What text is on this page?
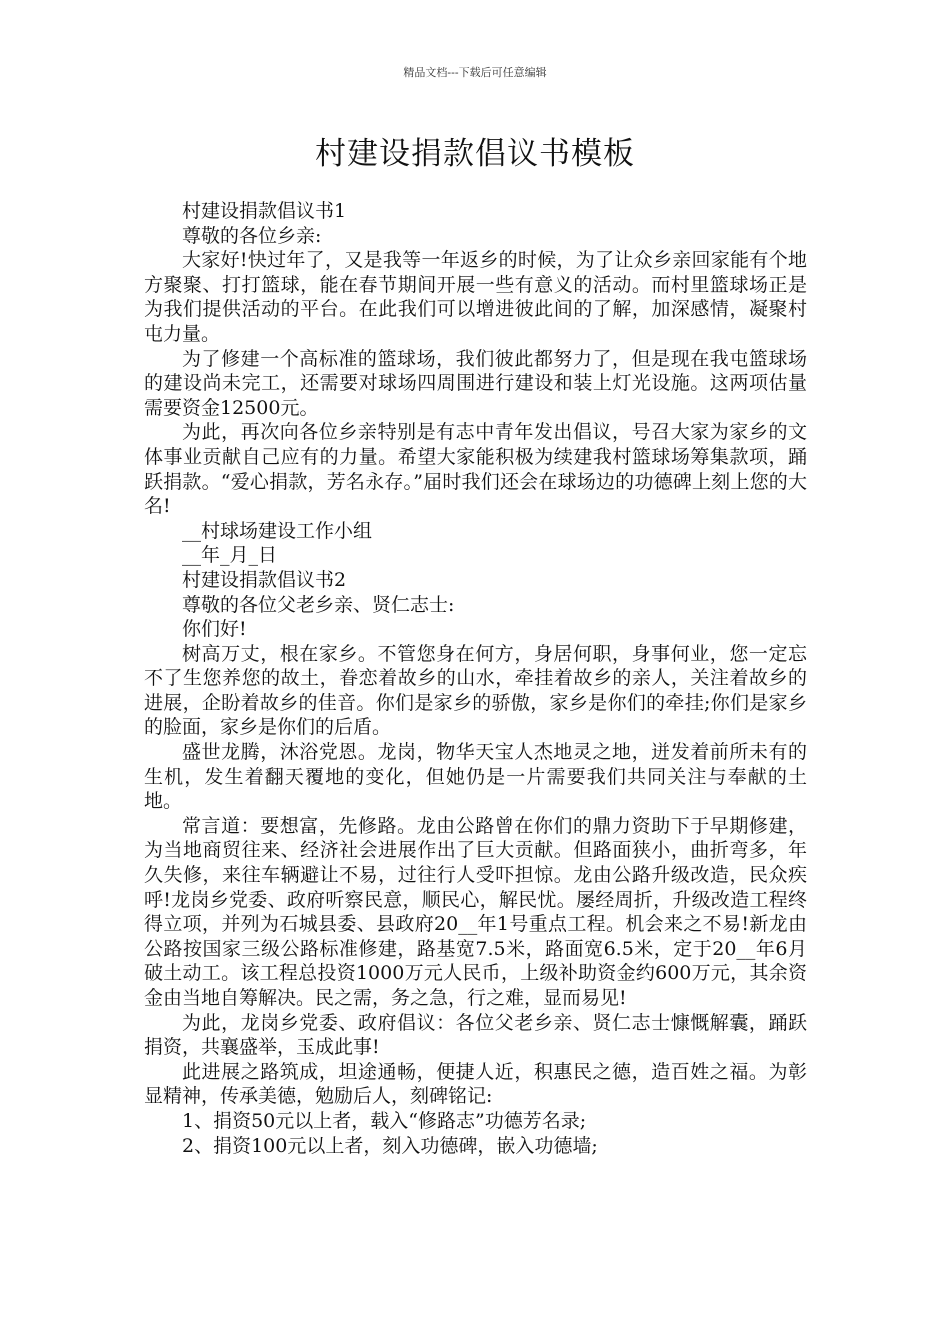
精品文档---下载后可任意编辑
村建设捐款倡议书模板

村建设捐款倡议书1

尊敬的各位乡亲:

大家好!快过年了，又是我等一年返乡的时候，为了让众乡亲回家能有个地方聚聚、打打篮球，能在春节期间开展一些有意义的活动。而村里篮球场正是为我们提供活动的平台。在此我们可以增进彼此间的了解，加深感情，凝聚村屯力量。

为了修建一个高标准的篮球场，我们彼此都努力了，但是现在我屯篮球场的建设尚未完工，还需要对球场四周围进行建设和装上灯光设施。这两项估量需要资金12500元。

为此，再次向各位乡亲特别是有志中青年发出倡议，号召大家为家乡的文体事业贡献自己应有的力量。希望大家能积极为续建我村篮球场筹集款项，踊跃捐款。“爱心捐款，芳名永存。”届时我们还会在球场边的功德碑上刻上您的大名!

__村球场建设工作小组

__年_月_日

村建设捐款倡议书2

尊敬的各位父老乡亲、贤仁志士:

你们好!

树高万丈，根在家乡。不管您身在何方，身居何职，身事何业，您一定忘不了生您养您的故土，眷恋着故乡的山水，牵挂着故乡的亲人，关注着故乡的进展，企盼着故乡的佳音。你们是家乡的骄傲，家乡是你们的牵挂;你们是家乡的脸面，家乡是你们的后盾。

盛世龙腾，沐浴党恩。龙岗，物华天宝人杰地灵之地，迸发着前所未有的生机，发生着翻天覆地的变化，但她仍是一片需要我们共同关注与奉献的土地。

常言道：要想富，先修路。龙由公路曾在你们的鼎力资助下于早期修建，为当地商贸往来、经济社会进展作出了巨大贡献。但路面狭小，曲折弯多，年久失修，来往车辆避让不易，过往行人受吓担惊。龙由公路升级改造，民众疾呼!龙岗乡党委、政府听察民意，顺民心，解民忧。屡经周折，升级改造工程终得立项，并列为石城县委、县政府20__年1号重点工程。机会来之不易!新龙由公路按国家三级公路标准修建，路基宽7.5米，路面宽6.5米，定于20__年6月破土动工。该工程总投资1000万元人民币，上级补助资金约600万元，其余资金由当地自筹解决。民之需，务之急，行之难，显而易见!

为此，龙岗乡党委、政府倡议：各位父老乡亲、贤仁志士慷慨解囊，踊跃捐资，共襄盛举，玉成此事!

此进展之路筑成，坦途通畅，便捷人近，积惠民之德，造百姓之福。为彰显精神，传承美德，勉励后人，刻碑铭记:

1、捐资50元以上者，载入“修路志”功德芳名录;

2、捐资100元以上者，刻入功德碑，嵌入功德墙;
